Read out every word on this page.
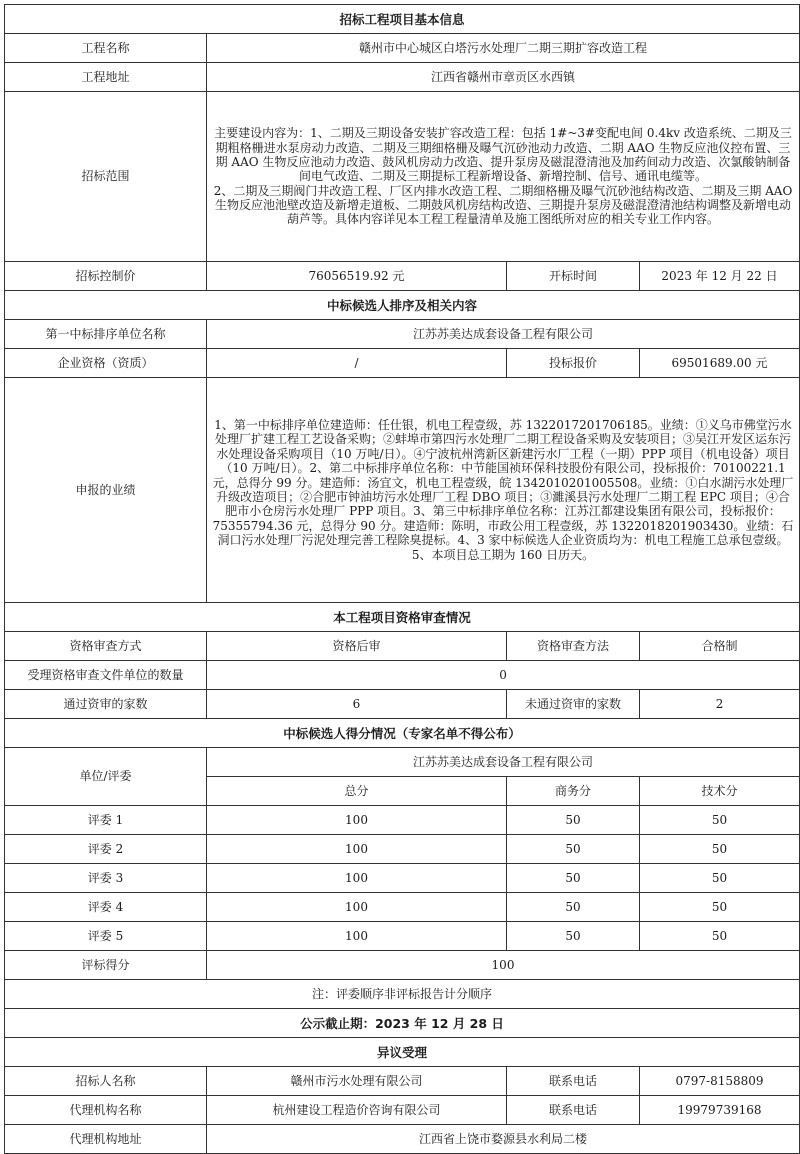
招标工程项目基本信息			
工程名称	赣州市中心城区白塔污水处理厂二期三期扩容改造工程		
工程地址	江西省赣州市章贡区水西镇		
招标范围	主要建设内容为：1、二期及三期设备安装扩容改造工程：包括 1#~3#变配电间 0.4kv 改造系统、二期及三期粗格栅进水泵房动力改造、二期及三期细格栅及曝气沉砂池动力改造、二期 AAO 生物反应池仪控布置、三期 AAO 生物反应池动力改造、鼓风机房动力改造、提升泵房及磁混澄清池及加药间动力改造、次氯酸钠制备间电气改造、二期及三期提标工程新增设备、新增控制、信号、通讯电缆等。

2、二期及三期阀门井改造工程、厂区内排水改造工程、二期细格栅及曝气沉砂池结构改造、二期及三期 AAO 生物反应池池壁改造及新增走道板、二期鼓风机房结构改造、三期提升泵房及磁混澄清池结构调整及新增电动葫芦等。具体内容详见本工程工程量清单及施工图纸所对应的相关专业工作内容。		

招标控制价	76056519.92 元	开标时间	2023 年 12 月 22 日
中标候选人排序及相关内容			
第一中标排序单位名称	江苏苏美达成套设备工程有限公司		
企业资格（资质）	/	投标报价	69501689.00 元
申报的业绩	1、第一中标排序单位建造师：任仕银，机电工程壹级，苏 1322017201706185。业绩：①义乌市佛堂污水处理厂扩建工程工艺设备采购；②蚌埠市第四污水处理厂二期工程设备采购及安装项目；③吴江开发区运东污水处理设备采购项目（10 万吨/日）。④宁波杭州湾新区新建污水厂工程（一期）PPP 项目（机电设备）项目（10 万吨/日）。2、第二中标排序单位名称：中节能国祯环保科技股份有限公司，投标报价：70100221.1 元，总得分 99 分。建造师：汤宜文，机电工程壹级，皖 1342010201005508。业绩：①白水湖污水处理厂升级改造项目；②合肥市钟油坊污水处理厂工程 DBO 项目；③濉溪县污水处理厂二期工程 EPC 项目；④合肥市小仓房污水处理厂 PPP 项目。3、第三中标排序单位名称：江苏江都建设集团有限公司，投标报价：75355794.36 元，总得分 90 分。建造师：陈明，市政公用工程壹级，苏 1322018201903430。业绩：石洞口污水处理厂污泥处理完善工程除臭提标。4、3 家中标候选人企业资质均为：机电工程施工总承包壹级。5、本项目总工期为 160 日历天。		

本工程项目资格审查情况			
资格审查方式	资格后审	资格审查方法	合格制
受理资格审查文件单位的数量	0		
通过资审的家数	6	未通过资审的家数	2
中标候选人得分情况（专家名单不得公布）			
单位/评委	江苏苏美达成套设备工程有限公司		
	总分	商务分	技术分
评委 1	100	50	50
评委 2	100	50	50
评委 3	100	50	50
评委 4	100	50	50
评委 5	100	50	50
评标得分	100		
注：评委顺序非评标报告计分顺序			
公示截止期：2023 年 12 月 28 日			
异议受理			
招标人名称	赣州市污水处理有限公司	联系电话	0797-8158809
代理机构名称	杭州建设工程造价咨询有限公司	联系电话	19979739168
代理机构地址	江西省上饶市婺源县水利局二楼		
